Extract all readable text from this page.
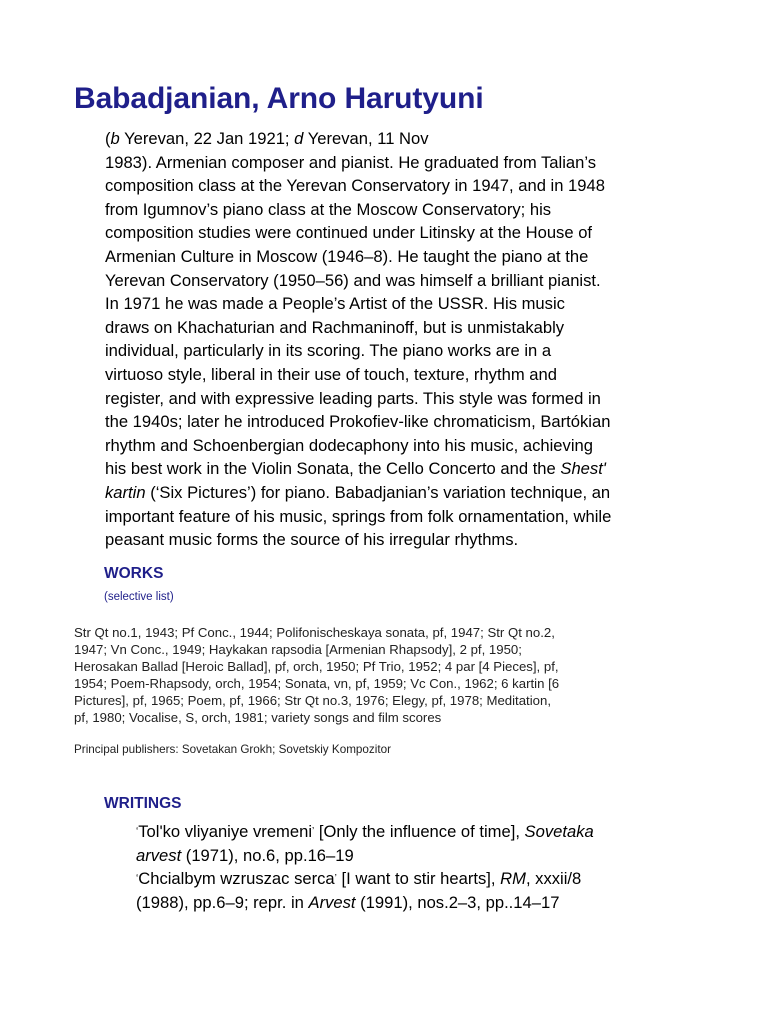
Babadjanian, Arno Harutyuni
(b Yerevan, 22 Jan 1921; d Yerevan, 11 Nov
1983). Armenian composer and pianist. He graduated from Talian’s
composition class at the Yerevan Conservatory in 1947, and in 1948
from Igumnov’s piano class at the Moscow Conservatory; his
composition studies were continued under Litinsky at the House of
Armenian Culture in Moscow (1946–8). He taught the piano at the
Yerevan Conservatory (1950–56) and was himself a brilliant pianist.
In 1971 he was made a People’s Artist of the USSR. His music
draws on Khachaturian and Rachmaninoff, but is unmistakably
individual, particularly in its scoring. The piano works are in a
virtuoso style, liberal in their use of touch, texture, rhythm and
register, and with expressive leading parts. This style was formed in
the 1940s; later he introduced Prokofiev-like chromaticism, Bartókian
rhythm and Schoenbergian dodecaphony into his music, achieving
his best work in the Violin Sonata, the Cello Concerto and the Shest'
kartin (‘Six Pictures’) for piano. Babadjanian’s variation technique, an
important feature of his music, springs from folk ornamentation, while
peasant music forms the source of his irregular rhythms.
WORKS
(selective list)
Str Qt no.1, 1943; Pf Conc., 1944; Polifonischeskaya sonata, pf, 1947; Str Qt no.2,
1947; Vn Conc., 1949; Haykakan rapsodia [Armenian Rhapsody], 2 pf, 1950;
Herosakan Ballad [Heroic Ballad], pf, orch, 1950; Pf Trio, 1952; 4 par [4 Pieces], pf,
1954; Poem-Rhapsody, orch, 1954; Sonata, vn, pf, 1959; Vc Con., 1962; 6 kartin [6
Pictures], pf, 1965; Poem, pf, 1966; Str Qt no.3, 1976; Elegy, pf, 1978; Meditation,
pf, 1980; Vocalise, S, orch, 1981; variety songs and film scores

Principal publishers: Sovetakan Grokh; Sovetskiy Kompozitor

WRITINGS
‘Tol'ko vliyaniye vremeni’ [Only the influence of time], Sovetaka
arvest (1971), no.6, pp.16–19
‘Chcialbym wzruszac serca’ [I want to stir hearts], RM, xxxii/8
(1988), pp.6–9; repr. in Arvest (1991), nos.2–3, pp..14–17
